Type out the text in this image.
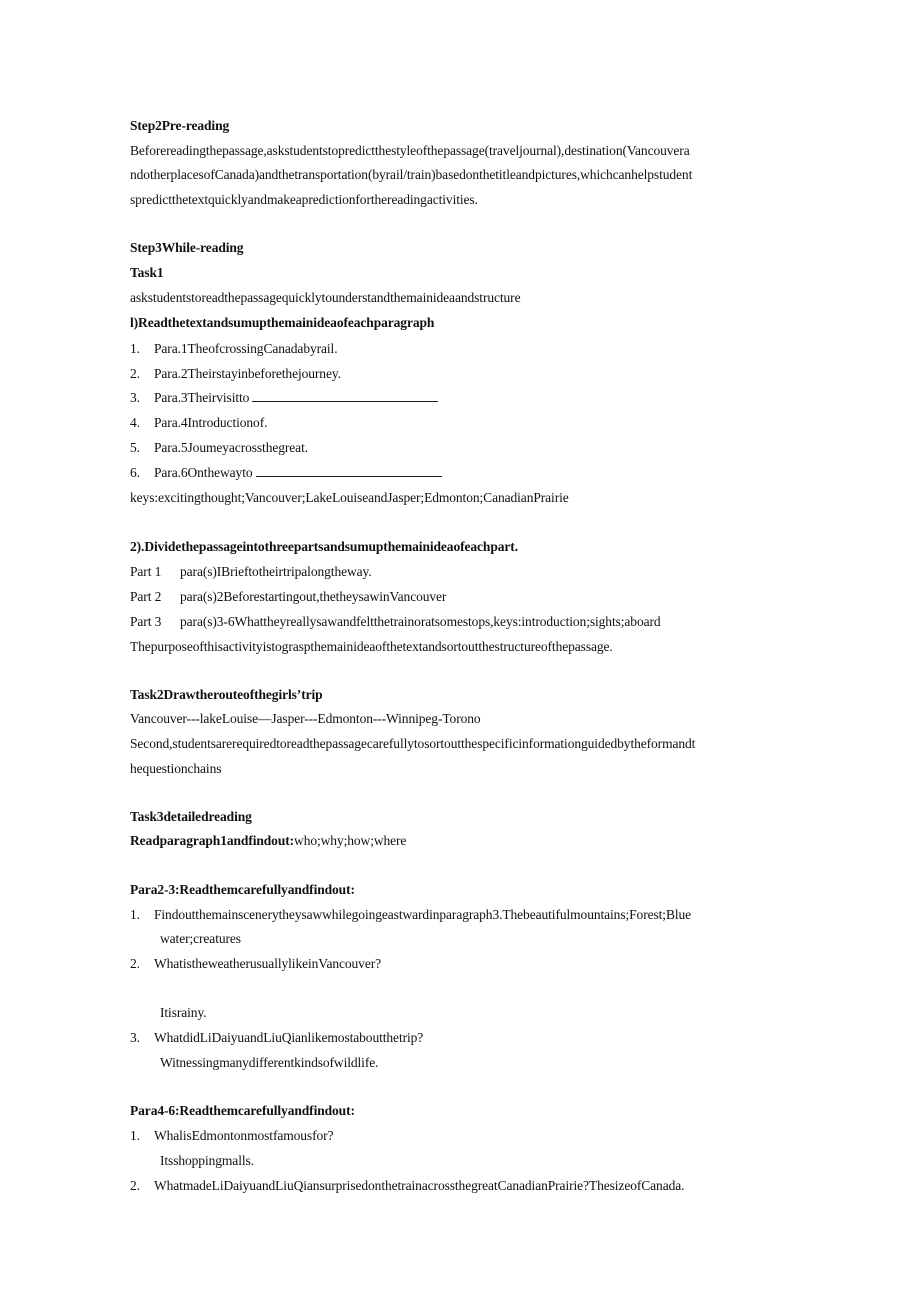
Step2Pre-reading
Beforereadingthepassage,askstudentstopredictthestyleofthepassage(traveljournal),destination(Vancouvera
ndotherplacesofCanada)andthetransportation(byrail/train)basedonthetitleandpictures,whichcanhelpstudent
spredictthetextquicklyandmakeapredictionforthereadingactivities.
Step3While-reading
Task1
askstudentstoreadthepassagequicklytounderstandthemainideaandstructure
l)Readthetextandsumupthemainideaofeachparagraph
1. Para.1TheofcrossingCanadabyrail.
2. Para.2Theirstayinbeforethejourney.
3. Para.3Theirvisitto
4. Para.4Introductionof.
5. Para.5Joumeyacrossthegreat.
6. Para.6Onthewayto
keys:excitingthought;Vancouver;LakeLouiseandJasper;Edmonton;CanadianPrairie
2).Dividethepassageintothreepartsandsumupthemainideaofeachpart.
Part 1 para(s)IBrieftotheirtripalongtheway.
Part 2 para(s)2Beforestartingout,thetheysawinVancouver
Part 3 para(s)3-6Whattheyreallysawandfeltthetrainoratsomestops,keys:introduction;sights;aboard
Thepurposeofthisactivityistograspthemainideaofthetextandsortoutthestructureofthepassage.
Task2Drawtherouteofthegirls’trip
Vancouver---lakeLouise—Jasper---Edmonton---Winnipeg-Torono
Second,studentsarerequiredtoreadthepassagecarefullytosortoutthespecificinformationguidedbytheformandt
hequestionchains
Task3detailedreading
Readparagraph1andfindout:who;why;how;where
Para2-3:Readthemcarefullyandfindout:
1. Findoutthemainscenerytheysawwhilegoingeastwardinparagraph3.Thebeautifulmountains;Forest;Blue
water;creatures
2. WhatistheweatherusuallylikeinVancouver?
Itisrainy.
3. WhatdidLiDaiyuandLiuQianlikemostaboutthetrip?
Witnessingmanydifferentkindsofwildlife.
Para4-6:Readthemcarefullyandfindout:
1. WhalisEdmontonmostfamousfor?
Itsshoppingmalls.
2. WhatmadeLiDaiyuandLiuQiansurprisedonthetrainacrossthegreatCanadianPrairie?ThesizeofCanada.
